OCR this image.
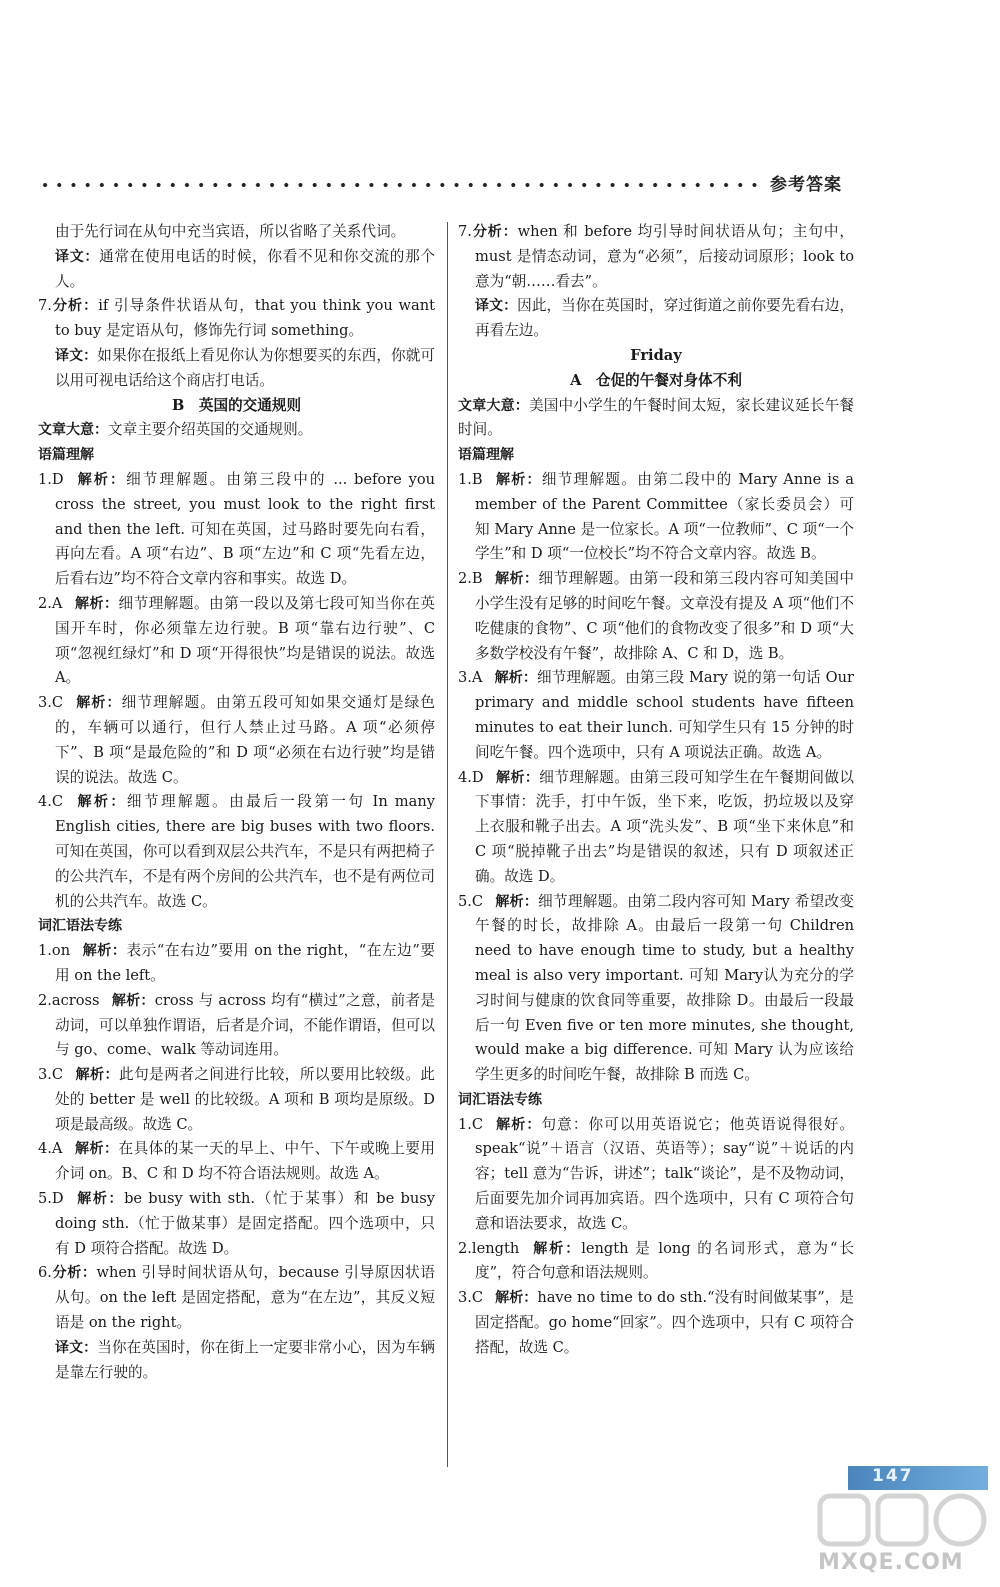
参考答案

由于先行词在从句中充当宾语，所以省略了关系代词。

译文：通常在使用电话的时候，你看不见和你交流的那个人。

7.分析：if 引导条件状语从句，that you think you want to buy 是定语从句，修饰先行词 something。

译文：如果你在报纸上看见你认为你想要买的东西，你就可以用可视电话给这个商店打电话。

B　英国的交通规则

文章大意：文章主要介绍英国的交通规则。

语篇理解

1.D 解析：细节理解题。由第三段中的 ... before you cross the street, you must look to the right first and then the left. 可知在英国，过马路时要先向右看，再向左看。A 项“右边”、B 项“左边”和 C 项“先看左边，后看右边”均不符合文章内容和事实。故选 D。

2.A 解析：细节理解题。由第一段以及第七段可知当你在英国开车时，你必须靠左边行驶。B 项“靠右边行驶”、C 项“忽视红绿灯”和 D 项“开得很快”均是错误的说法。故选 A。

3.C 解析：细节理解题。由第五段可知如果交通灯是绿色的，车辆可以通行，但行人禁止过马路。A 项“必须停下”、B 项“是最危险的”和 D 项“必须在右边行驶”均是错误的说法。故选 C。

4.C 解析：细节理解题。由最后一段第一句 In many English cities, there are big buses with two floors. 可知在英国，你可以看到双层公共汽车，不是只有两把椅子的公共汽车，不是有两个房间的公共汽车，也不是有两位司机的公共汽车。故选 C。

词汇语法专练

1.on 解析：表示“在右边”要用 on the right，“在左边”要用 on the left。

2.across 解析：cross 与 across 均有“横过”之意，前者是动词，可以单独作谓语，后者是介词，不能作谓语，但可以与 go、come、walk 等动词连用。

3.C 解析：此句是两者之间进行比较，所以要用比较级。此处的 better 是 well 的比较级。A 项和 B 项均是原级。D 项是最高级。故选 C。

4.A 解析：在具体的某一天的早上、中午、下午或晚上要用介词 on。B、C 和 D 均不符合语法规则。故选 A。

5.D 解析：be busy with sth.（忙于某事）和 be busy doing sth.（忙于做某事）是固定搭配。四个选项中，只有 D 项符合搭配。故选 D。

6.分析：when 引导时间状语从句，because 引导原因状语从句。on the left 是固定搭配，意为“在左边”，其反义短语是 on the right。

译文：当你在英国时，你在街上一定要非常小心，因为车辆是靠左行驶的。

7.分析：when 和 before 均引导时间状语从句；主句中，must 是情态动词，意为“必须”，后接动词原形；look to 意为“朝……看去”。

译文：因此，当你在英国时，穿过街道之前你要先看右边，再看左边。

Friday

A　仓促的午餐对身体不利

文章大意：美国中小学生的午餐时间太短，家长建议延长午餐时间。

语篇理解

1.B 解析：细节理解题。由第二段中的 Mary Anne is a member of the Parent Committee（家长委员会）可知 Mary Anne 是一位家长。A 项“一位教师”、C 项“一个学生”和 D 项“一位校长”均不符合文章内容。故选 B。

2.B 解析：细节理解题。由第一段和第三段内容可知美国中小学生没有足够的时间吃午餐。文章没有提及 A 项“他们不吃健康的食物”、C 项“他们的食物改变了很多”和 D 项“大多数学校没有午餐”，故排除 A、C 和 D，选 B。

3.A 解析：细节理解题。由第三段 Mary 说的第一句话 Our primary and middle school students have fifteen minutes to eat their lunch. 可知学生只有 15 分钟的时间吃午餐。四个选项中，只有 A 项说法正确。故选 A。

4.D 解析：细节理解题。由第三段可知学生在午餐期间做以下事情：洗手，打中午饭，坐下来，吃饭，扔垃圾以及穿上衣服和靴子出去。A 项“洗头发”、B 项“坐下来休息”和 C 项“脱掉靴子出去”均是错误的叙述，只有 D 项叙述正确。故选 D。

5.C 解析：细节理解题。由第二段内容可知 Mary 希望改变午餐的时长，故排除 A。由最后一段第一句 Children need to have enough time to study, but a healthy meal is also very important. 可知 Mary认为充分的学习时间与健康的饮食同等重要，故排除 D。由最后一段最后一句 Even five or ten more minutes, she thought, would make a big difference. 可知 Mary 认为应该给学生更多的时间吃午餐，故排除 B 而选 C。

词汇语法专练

1.C 解析：句意：你可以用英语说它；他英语说得很好。speak“说”＋语言（汉语、英语等）；say“说”＋说话的内容；tell 意为“告诉，讲述”；talk“谈论”，是不及物动词，后面要先加介词再加宾语。四个选项中，只有 C 项符合句意和语法要求，故选 C。

2.length 解析：length 是 long 的名词形式，意为“长度”，符合句意和语法规则。

3.C 解析：have no time to do sth.“没有时间做某事”，是固定搭配。go home“回家”。四个选项中，只有 C 项符合搭配，故选 C。

147
MXQE.COM
